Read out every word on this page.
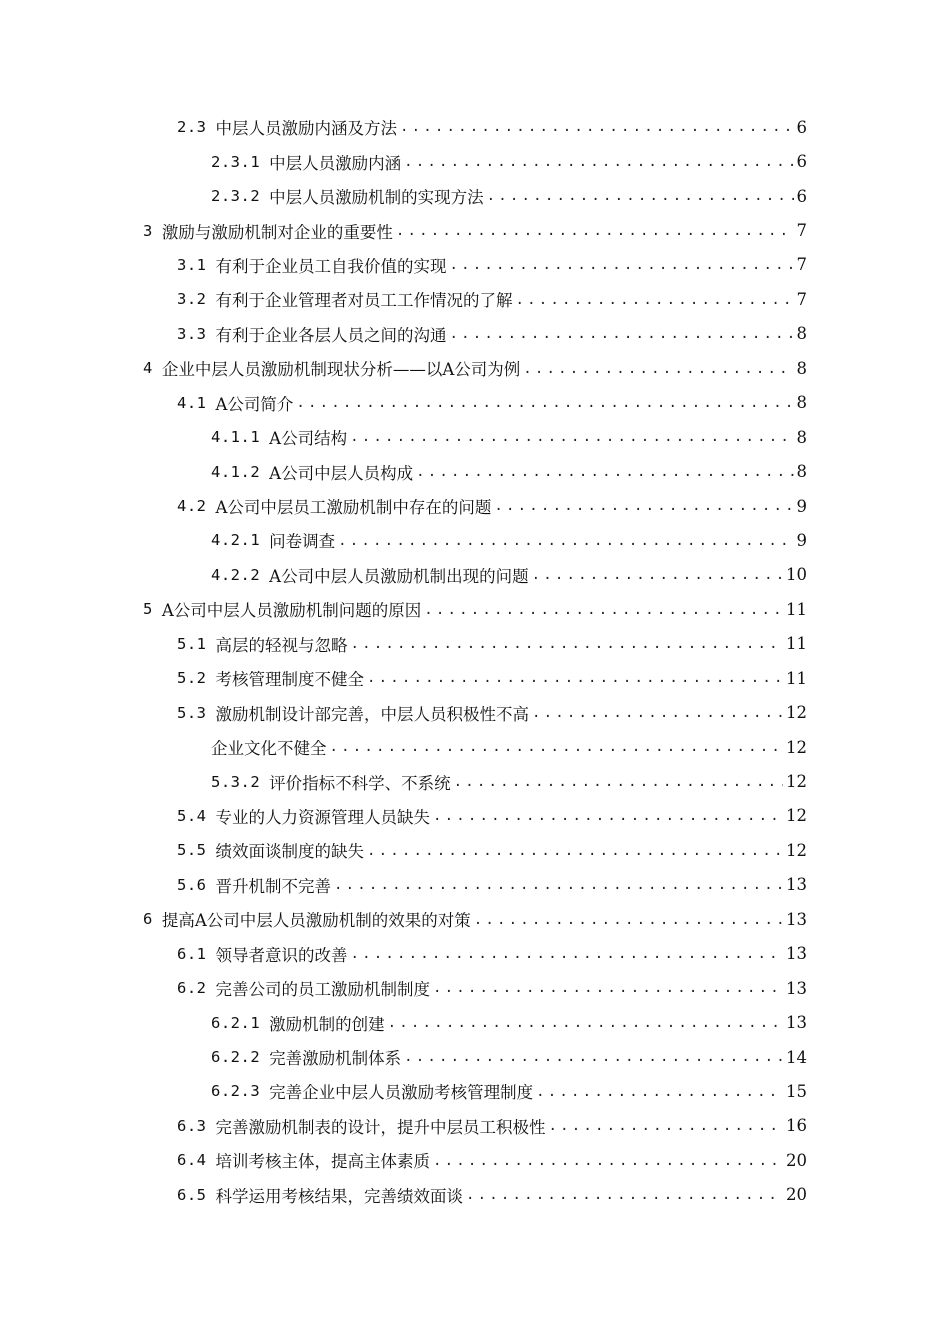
2.3 中层人员激励内涵及方法 .....	6
2.3.1 中层人员激励内涵 .....	6
2.3.2 中层人员激励机制的实现方法 .....	6
3 激励与激励机制对企业的重要性 .....	7
3.1 有利于企业员工自我价值的实现 .....	7
3.2 有利于企业管理者对员工工作情况的了解 .....	7
3.3 有利于企业各层人员之间的沟通 .....	8
4 企业中层人员激励机制现状分析——以A公司为例 .....	8
4.1 A公司简介 .....	8
4.1.1 A公司结构 .....	8
4.1.2 A公司中层人员构成 .....	8
4.2 A公司中层员工激励机制中存在的问题 .....	9
4.2.1 问卷调查 .....	9
4.2.2 A公司中层人员激励机制出现的问题 .....	10
5 A公司中层人员激励机制问题的原因 .....	11
5.1 高层的轻视与忽略 .....	11
5.2 考核管理制度不健全 .....	11
5.3 激励机制设计部完善，中层人员积极性不高 .....	12
企业文化不健全 .....	12
5.3.2 评价指标不科学、不系统 .....	12
5.4 专业的人力资源管理人员缺失 .....	12
5.5 绩效面谈制度的缺失 .....	12
5.6 晋升机制不完善 .....	13
6 提高A公司中层人员激励机制的效果的对策 .....	13
6.1 领导者意识的改善 .....	13
6.2 完善公司的员工激励机制制度 .....	13
6.2.1 激励机制的创建 .....	13
6.2.2 完善激励机制体系 .....	14
6.2.3 完善企业中层人员激励考核管理制度 .....	15
6.3 完善激励机制表的设计，提升中层员工积极性 .....	16
6.4 培训考核主体，提高主体素质 .....	20
6.5 科学运用考核结果，完善绩效面谈 .....	20
